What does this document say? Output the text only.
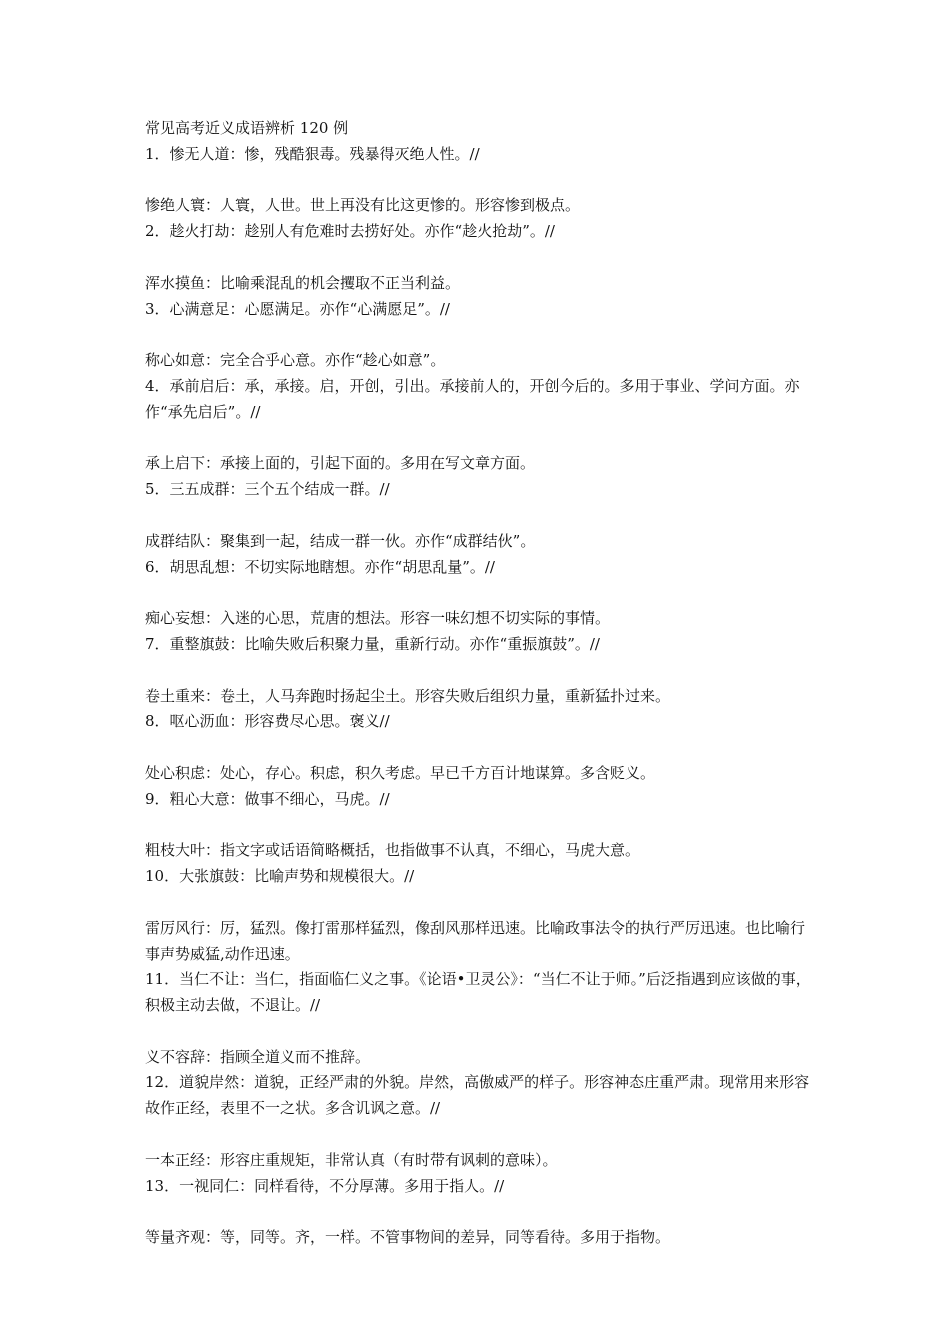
常见高考近义成语辨析 120 例
1．惨无人道：惨，残酷狠毒。残暴得灭绝人性。//
惨绝人寰：人寰，人世。世上再没有比这更惨的。形容惨到极点。
2．趁火打劫：趁别人有危难时去捞好处。亦作“趁火抢劫”。//
浑水摸鱼：比喻乘混乱的机会攫取不正当利益。
3．心满意足：心愿满足。亦作“心满愿足”。//
称心如意：完全合乎心意。亦作“趁心如意”。
4．承前启后：承，承接。启，开创，引出。承接前人的，开创今后的。多用于事业、学问方面。亦作“承先启后”。//
承上启下：承接上面的，引起下面的。多用在写文章方面。
5．三五成群：三个五个结成一群。//
成群结队：聚集到一起，结成一群一伙。亦作“成群结伙”。
6．胡思乱想：不切实际地瞎想。亦作“胡思乱量”。//
痴心妄想：入迷的心思，荒唐的想法。形容一味幻想不切实际的事情。
7．重整旗鼓：比喻失败后积聚力量，重新行动。亦作“重振旗鼓”。//
卷土重来：卷土，人马奔跑时扬起尘土。形容失败后组织力量，重新猛扑过来。
8．呕心沥血：形容费尽心思。褒义//
处心积虑：处心，存心。积虑，积久考虑。早已千方百计地谋算。多含贬义。
9．粗心大意：做事不细心，马虎。//
粗枝大叶：指文字或话语简略概括，也指做事不认真，不细心，马虎大意。
10．大张旗鼓：比喻声势和规模很大。//
雷厉风行：厉，猛烈。像打雷那样猛烈，像刮风那样迅速。比喻政事法令的执行严厉迅速。也比喻行事声势威猛,动作迅速。
11．当仁不让：当仁，指面临仁义之事。《论语•卫灵公》：“当仁不让于师。”后泛指遇到应该做的事，积极主动去做，不退让。//
义不容辞：指顾全道义而不推辞。
12．道貌岸然：道貌，正经严肃的外貌。岸然，高傲威严的样子。形容神态庄重严肃。现常用来形容故作正经，表里不一之状。多含讥讽之意。//
一本正经：形容庄重规矩，非常认真（有时带有讽刺的意味）。
13．一视同仁：同样看待，不分厚薄。多用于指人。//
等量齐观：等，同等。齐，一样。不管事物间的差异，同等看待。多用于指物。
